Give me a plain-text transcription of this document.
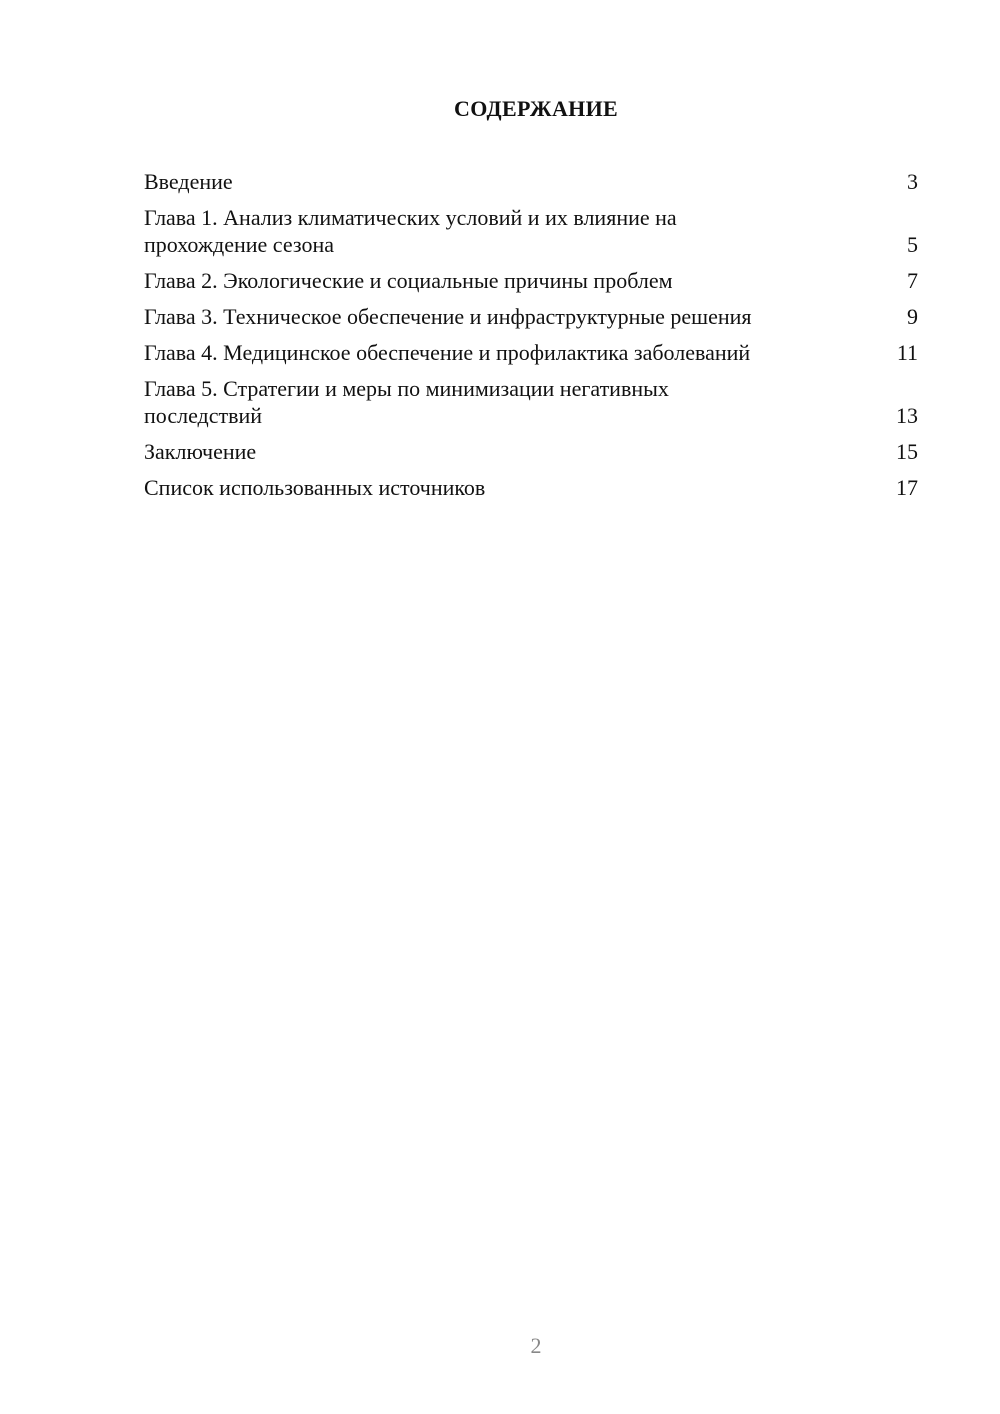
СОДЕРЖАНИЕ
Введение	3
Глава 1. Анализ климатических условий и их влияние на прохождение сезона	5
Глава 2. Экологические и социальные причины проблем	7
Глава 3. Техническое обеспечение и инфраструктурные решения	9
Глава 4. Медицинское обеспечение и профилактика заболеваний	11
Глава 5. Стратегии и меры по минимизации негативных последствий	13
Заключение	15
Список использованных источников	17
2
